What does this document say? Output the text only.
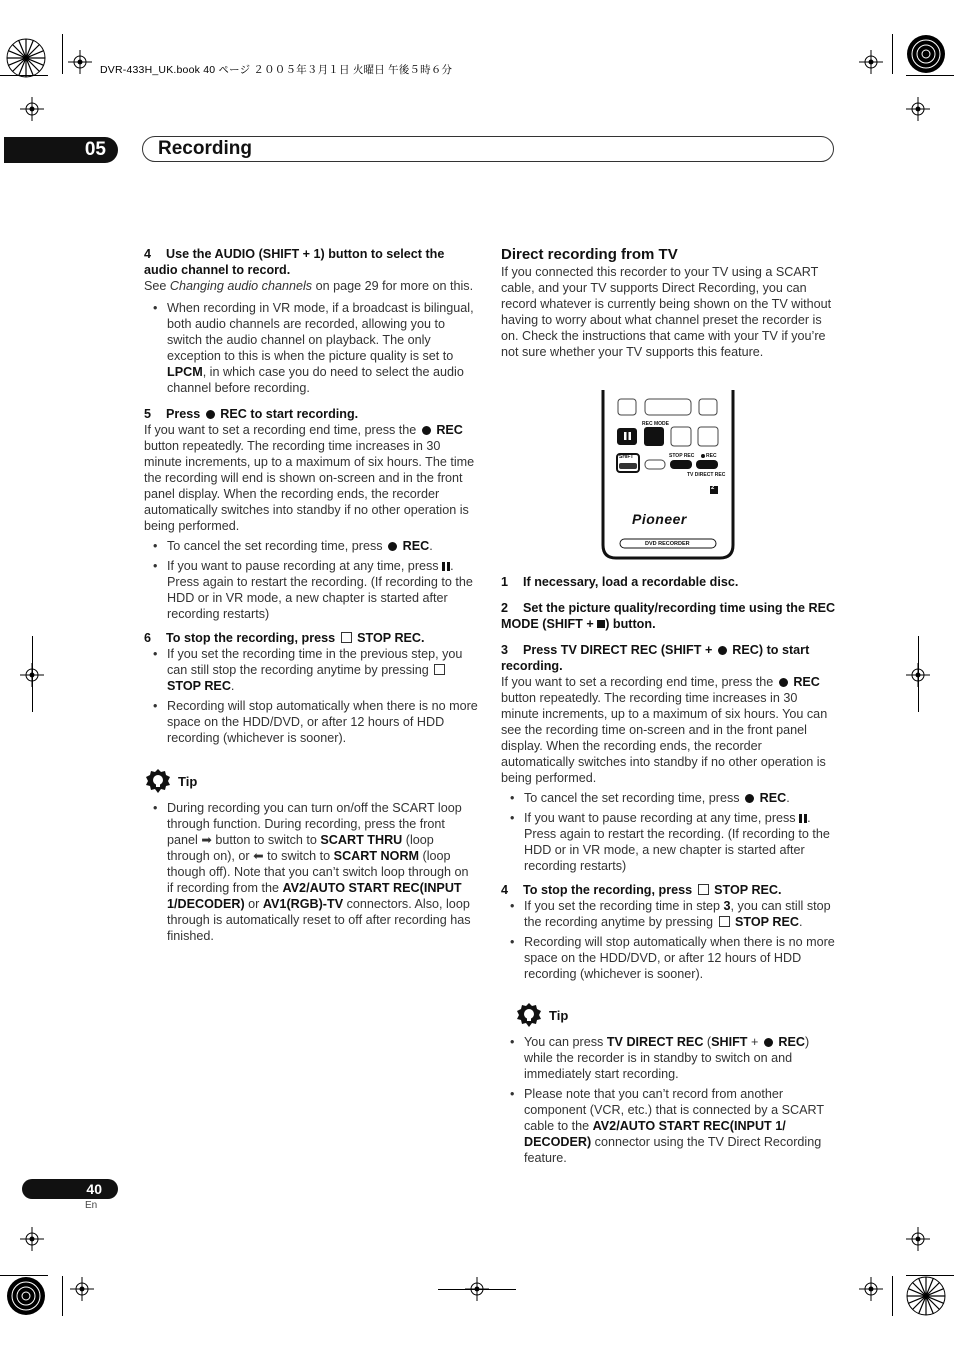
DVR-433H_UK.book 40 ページ ２００５年３月１日 火曜日 午後５時６分
05	Recording

4 Use the AUDIO (SHIFT + 1) button to select the audio channel to record.

See Changing audio channels on page 29 for more on this.

• When recording in VR mode, if a broadcast is bilingual, both audio channels are recorded, allowing you to switch the audio channel on playback. The only exception to this is when the picture quality is set to LPCM, in which case you do need to select the audio channel before recording.

5 Press  REC to start recording.

If you want to set a recording end time, press the  REC button repeatedly. The recording time increases in 30 minute increments, up to a maximum of six hours. The time the recording will end is shown on-screen and in the front panel display. When the recording ends, the recorder automatically switches into standby if no other operation is being performed.

• To cancel the set recording time, press  REC.

• If you want to pause recording at any time, press . Press again to restart the recording. (If recording to the HDD or in VR mode, a new chapter is started after recording restarts)

6 To stop the recording, press  STOP REC.

• If you set the recording time in the previous step, you can still stop the recording anytime by pressing  STOP REC.

• Recording will stop automatically when there is no more space on the HDD/DVD, or after 12 hours of HDD recording (whichever is sooner).

Tip

• During recording you can turn on/off the SCART loop through function. During recording, press the front panel ➡ button to switch to SCART THRU (loop through on), or ⬅ to switch to SCART NORM (loop though off). Note that you can’t switch loop through on if recording from the AV2/AUTO START REC(INPUT 1/DECODER) or AV1(RGB)-TV connectors. Also, loop through is automatically reset to off after recording has finished.

Direct recording from TV

If you connected this recorder to your TV using a SCART cable, and your TV supports Direct Recording, you can record whatever is currently being shown on the TV without having to worry about what channel preset the recorder is on. Check the instructions that came with your TV if you’re not sure whether your TV supports this feature.

REC MODE
SHIFT	STOP REC REC
TV DIRECT REC
2
Pioneer
DVD RECORDER

1 If necessary, load a recordable disc.

2 Set the picture quality/recording time using the REC MODE (SHIFT + ) button.

3 Press TV DIRECT REC (SHIFT +  REC) to start recording.

If you want to set a recording end time, press the  REC button repeatedly. The recording time increases in 30 minute increments, up to a maximum of six hours. You can see the recording time on-screen and in the front panel display. When the recording ends, the recorder automatically switches into standby if no other operation is being performed.

• To cancel the set recording time, press  REC.

• If you want to pause recording at any time, press . Press again to restart the recording. (If recording to the HDD or in VR mode, a new chapter is started after recording restarts)

4 To stop the recording, press  STOP REC.

• If you set the recording time in step 3, you can still stop the recording anytime by pressing  STOP REC.

• Recording will stop automatically when there is no more space on the HDD/DVD, or after 12 hours of HDD recording (whichever is sooner).

Tip

• You can press TV DIRECT REC (SHIFT +  REC) while the recorder is in standby to switch on and immediately start recording.

• Please note that you can’t record from another component (VCR, etc.) that is connected by a SCART cable to the AV2/AUTO START REC(INPUT 1/ DECODER) connector using the TV Direct Recording feature.

40
En
